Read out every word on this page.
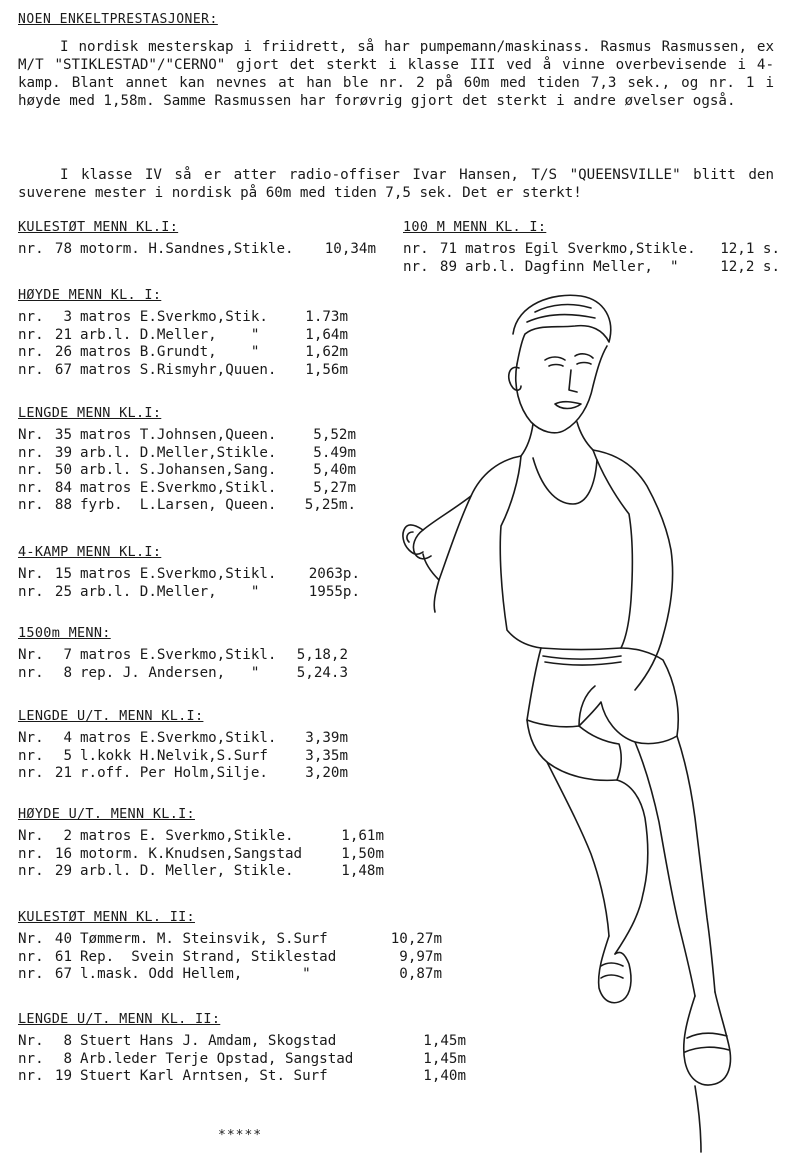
NOEN ENKELTPRESTASJONER:

I nordisk mesterskap i friidrett, så har pumpemann/maskinass. Rasmus Rasmussen, ex M/T "STIKLESTAD"/"CERNO" gjort det sterkt i klasse III ved å vinne overbevisende i 4-kamp. Blant annet kan nevnes at han ble nr. 2 på 60m med tiden 7,3 sek., og nr. 1 i høyde med 1,58m. Samme Rasmussen har forøvrig gjort det sterkt i andre øvelser også.

I klasse IV så er atter radio-offiser Ivar Hansen, T/S "QUEENSVILLE" blitt den suverene mester i nordisk på 60m med tiden 7,5 sek. Det er sterkt!

KULESTØT MENN KL.I:
nr. 78 motorm. H.Sandnes,Stikle. 10,34m
100 M MENN KL. I:
nr. 71 matros Egil Sverkmo,Stikle. 12,1 s.
nr. 89 arb.l. Dagfinn Meller,  "	12,2 s.
HØYDE MENN KL. I:
nr.	3 matros E.Sverkmo,Stik.	1.73m
nr. 21 arb.l. D.Meller,    "	1,64m
nr. 26 matros B.Grundt,    "	1,62m
nr. 67 matros S.Rismyhr,Quuen. 1,56m
LENGDE MENN KL.I:
Nr. 35 matros T.Johnsen,Queen.	5,52m
nr. 39 arb.l. D.Meller,Stikle.	5.49m
nr. 50 arb.l. S.Johansen,Sang.	5,40m
nr. 84 matros E.Sverkmo,Stikl.	5,27m
nr. 88 fyrb.  L.Larsen, Queen. 5,25m.
4-KAMP MENN KL.I:
Nr. 15 matros E.Sverkmo,Stikl. 2063p.
nr. 25 arb.l. D.Meller,    "	1955p.
1500m MENN:
Nr.	7 matros E.Sverkmo,Stikl. 5,18,2
nr.	8 rep. J. Andersen,   "	5,24.3
LENGDE U/T. MENN KL.I:
Nr.	4 matros E.Sverkmo,Stikl. 3,39m
nr.	5 l.kokk H.Nelvik,S.Surf	3,35m
nr. 21 r.off. Per Holm,Silje.	3,20m
HØYDE U/T. MENN KL.I:
Nr.	2 matros E. Sverkmo,Stikle.	1,61m
nr. 16 motorm. K.Knudsen,Sangstad	1,50m
nr. 29 arb.l. D. Meller, Stikle.	1,48m
KULESTØT MENN KL. II:
Nr. 40 Tømmerm. M. Steinsvik, S.Surf	10,27m
nr. 61 Rep.  Svein Strand, Stiklestad	9,97m
nr. 67 l.mask. Odd Hellem,       "	0,87m
LENGDE U/T. MENN KL. II:
Nr.	8 Stuert Hans J. Amdam, Skogstad	1,45m
nr.	8 Arb.leder Terje Opstad, Sangstad	1,45m
nr. 19 Stuert Karl Arntsen, St. Surf	1,40m
*****
